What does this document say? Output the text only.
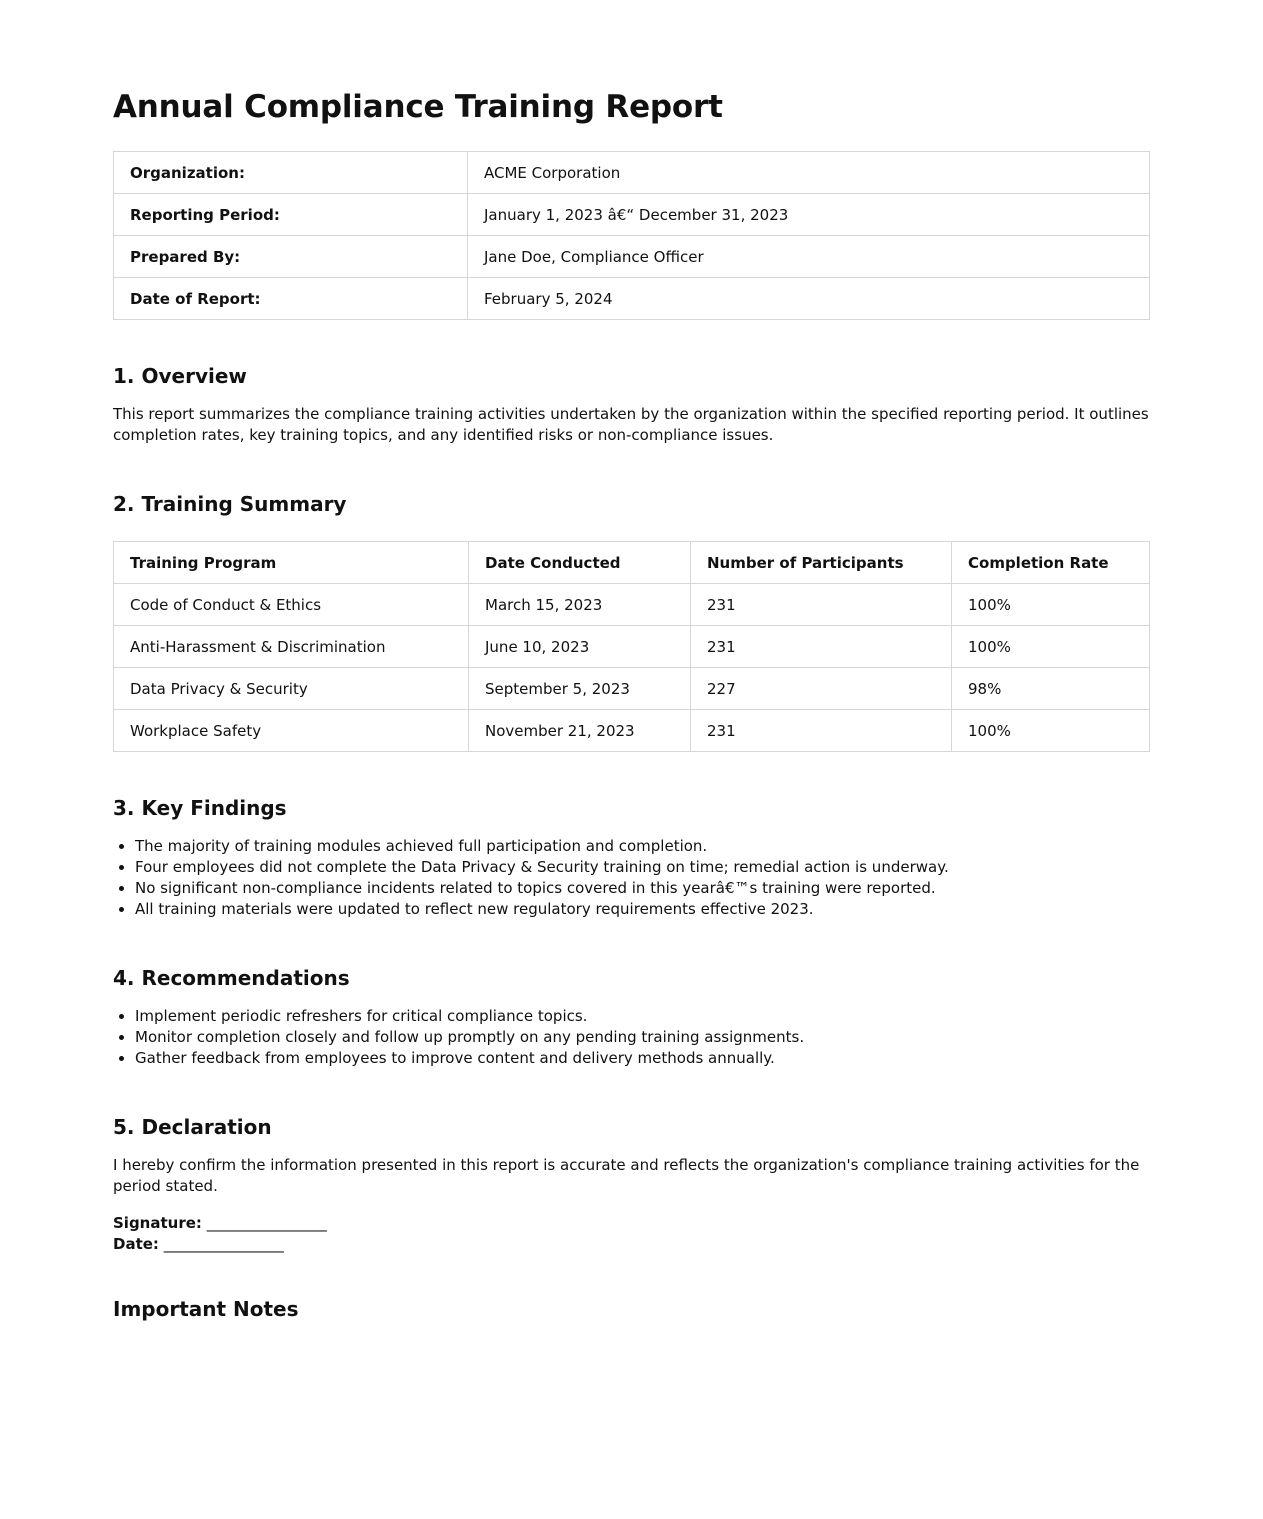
Annual Compliance Training Report
Organization:	ACME Corporation
Reporting Period:	January 1, 2023 â€“ December 31, 2023
Prepared By:	Jane Doe, Compliance Officer
Date of Report:	February 5, 2024
1. Overview

This report summarizes the compliance training activities undertaken by the organization within the specified reporting period. It outlines completion rates, key training topics, and any identified risks or non-compliance issues.

2. Training Summary
Training Program	Date Conducted	Number of Participants	Completion Rate
Code of Conduct & Ethics	March 15, 2023	231	100%
Anti-Harassment & Discrimination	June 10, 2023	231	100%
Data Privacy & Security	September 5, 2023	227	98%
Workplace Safety	November 21, 2023	231	100%
3. Key Findings
• The majority of training modules achieved full participation and completion.
• Four employees did not complete the Data Privacy & Security training on time; remedial action is underway.
• No significant non-compliance incidents related to topics covered in this yearâ€™s training were reported.
• All training materials were updated to reflect new regulatory requirements effective 2023.
4. Recommendations
• Implement periodic refreshers for critical compliance topics.
• Monitor completion closely and follow up promptly on any pending training assignments.
• Gather feedback from employees to improve content and delivery methods annually.
5. Declaration

I hereby confirm the information presented in this report is accurate and reflects the organization's compliance training activities for the period stated.

Signature: ________________
Date: ________________
Important Notes
